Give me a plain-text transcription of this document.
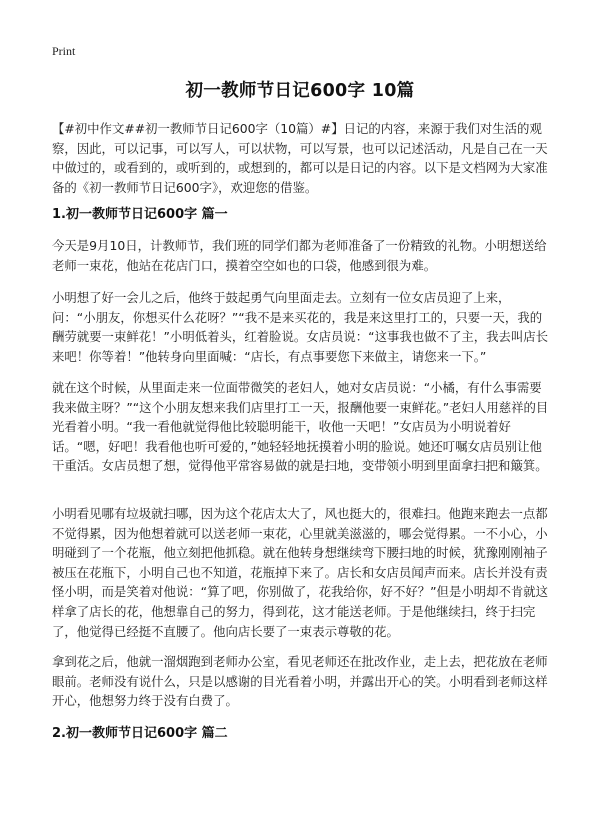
Print
初一教师节日记600字 10篇

【#初中作文##初一教师节日记600字（10篇）#】日记的内容，来源于我们对生活的观察，因此，可以记事，可以写人，可以状物，可以写景，也可以记述活动，凡是自己在一天中做过的，或看到的，或听到的，或想到的，都可以是日记的内容。以下是文档网为大家准备的《初一教师节日记600字》，欢迎您的借鉴。

1.初一教师节日记600字 篇一

今天是9月10日，计教师节，我们班的同学们都为老师准备了一份精致的礼物。小明想送给老师一束花，他站在花店门口，摸着空空如也的口袋，他感到很为难。

小明想了好一会儿之后，他终于鼓起勇气向里面走去。立刻有一位女店员迎了上来，问：“小朋友，你想买什么花呀？”“我不是来买花的，我是来这里打工的，只要一天，我的酬劳就要一束鲜花！”小明低着头，红着脸说。女店员说：“这事我也做不了主，我去叫店长来吧！你等着！”他转身向里面喊：“店长，有点事要您下来做主，请您来一下。”

就在这个时候，从里面走来一位面带微笑的老妇人，她对女店员说：“小橘，有什么事需要我来做主呀？”“这个小朋友想来我们店里打工一天，报酬他要一束鲜花。”老妇人用慈祥的目光看着小明。“我一看他就觉得他比较聪明能干，收他一天吧！”女店员为小明说着好话。“嗯，好吧！我看他也听可爱的，”她轻轻地抚摸着小明的脸说。她还叮嘱女店员别让他干重活。女店员想了想，觉得他平常容易做的就是扫地，变带领小明到里面拿扫把和簸箕。

小明看见哪有垃圾就扫哪，因为这个花店太大了，风也挺大的，很难扫。他跑来跑去一点都不觉得累，因为他想着就可以送老师一束花，心里就美滋滋的，哪会觉得累。一不小心，小明碰到了一个花瓶，他立刻把他抓稳。就在他转身想继续弯下腰扫地的时候，犹豫刚刚袖子被压在花瓶下，小明自己也不知道，花瓶掉下来了。店长和女店员闻声而来。店长并没有责怪小明，而是笑着对他说：“算了吧，你别做了，花我给你，好不好？”但是小明却不肯就这样拿了店长的花，他想靠自己的努力，得到花，这才能送老师。于是他继续扫，终于扫完了，他觉得已经挺不直腰了。他向店长要了一束表示尊敬的花。

拿到花之后，他就一溜烟跑到老师办公室，看见老师还在批改作业，走上去，把花放在老师眼前。老师没有说什么，只是以感谢的目光看着小明，并露出开心的笑。小明看到老师这样开心，他想努力终于没有白费了。

2.初一教师节日记600字 篇二
